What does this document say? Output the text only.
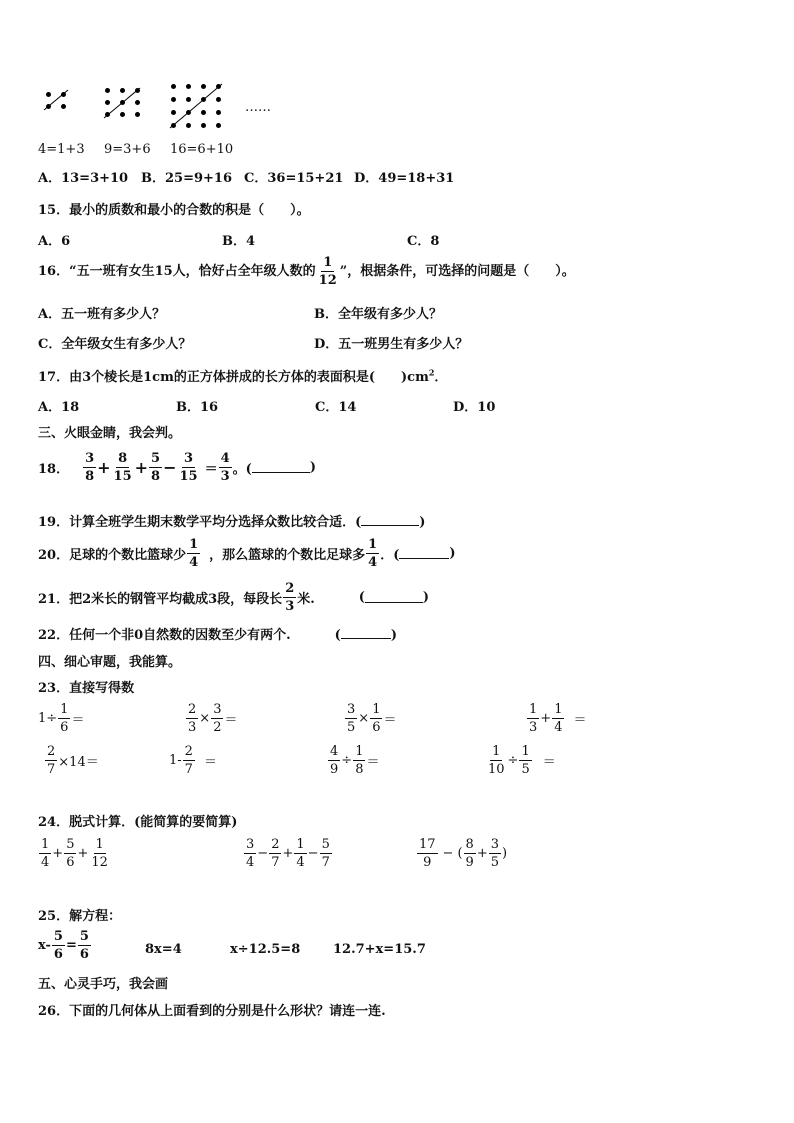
……
4=1+3 9=3+6 16=6+10
A．13=3+10 B．25=9+16 C．36=15+21 D．49=18+31
15．最小的质数和最小的合数的积是（　　）。
A．6	B．4	C．8
16．“五一班有女生15人，恰好占全年级人数的 $\frac{1}{12}$ ”，根据条件，可选择的问题是（　　）。
A．五一班有多少人？	B．全年级有多少人？
C．全年级女生有多少人？	D．五一班男生有多少人？
17．由3个棱长是1cm的正方体拼成的长方体的表面积是(　　)$cm^2$．
A．18	B．16	C．14	D．10
三、火眼金睛，我会判。
18． $\frac{3}{8} + \frac{8}{15} + \frac{5}{8} - \frac{3}{15} = \frac{4}{3}$ 。(	)
19．计算全班学生期末数学平均分选择众数比较合适．(	)
20．足球的个数比篮球少 $\frac{1}{4}$ ，那么篮球的个数比足球多 $\frac{1}{4}$ ．(	)
21．把2米长的钢管平均截成3段，每段长 $\frac{2}{3}$ 米.	(	)
22．任何一个非0自然数的因数至少有两个.	(	)
四、细心审题，我能算。
23．直接写得数
$1\div \frac{1}{6}$ ＝	$\frac{2}{3} \times \frac{3}{2}$ ＝	$\frac{3}{5} \times \frac{1}{6}$ ＝	$\frac{1}{3} + \frac{1}{4}$ ＝
$\frac{2}{7} \times 14=$	$1- \frac{2}{7}$ ＝	$\frac{4}{9} \div \frac{1}{8}$ ＝	$\frac{1}{10} \div \frac{1}{5}$ ＝
24．脱式计算．(能简算的要简算)
$\frac{1}{4} + \frac{5}{6} + \frac{1}{12}$	$\frac{3}{4} - \frac{2}{7} + \frac{1}{4} - \frac{5}{7}$	$\frac{17}{9}$ − ( $\frac{8}{9} + \frac{3}{5}$ )
25．解方程：
$x- \frac{5}{6} = \frac{5}{6}$	8x=4	x÷12.5=8	12.7+x=15.7
五、心灵手巧，我会画
26．下面的几何体从上面看到的分别是什么形状？请连一连.
